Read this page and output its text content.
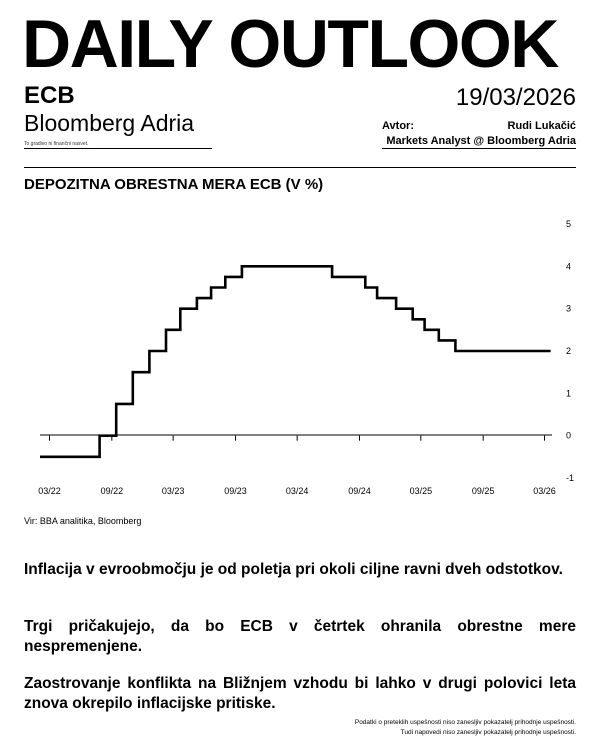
DAILY OUTLOOK
ECB	19/03/2026
Bloomberg Adria
To gradivo ni finančni nasvet.
Avtor:	Rudi Lukačić
Markets Analyst @ Bloomberg Adria
DEPOZITNA OBRESTNA MERA ECB (V %)
5
4
3
2
1
0
-1
03/22	09/22	03/23	09/23	03/24	09/24	03/25	09/25	03/26
Vir: BBA analitika, Bloomberg
Inflacija v evroobmočju je od poletja pri okoli ciljne ravni dveh odstotkov.
Trgi pričakujejo, da bo ECB v četrtek ohranila obrestne mere nespremenjene.
Zaostrovanje konflikta na Bližnjem vzhodu bi lahko v drugi polovici leta znova okrepilo inflacijske pritiske.
Podatki o preteklih uspešnosti niso zanesljiv pokazatelj prihodnje uspešnosti.
Tudi napovedi niso zanesljiv pokazatelj prihodnje uspešnosti.
